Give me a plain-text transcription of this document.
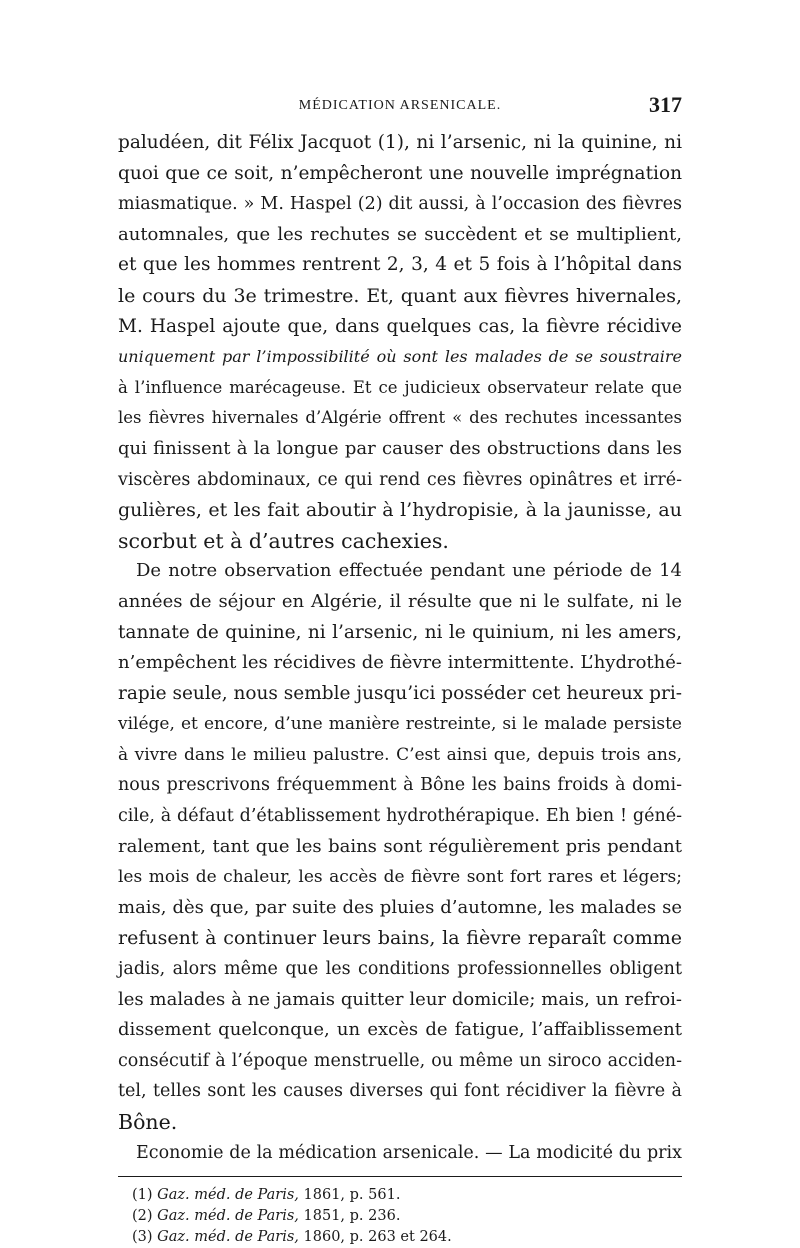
MÉDICATION ARSENICALE.	317
paludéen, dit Félix Jacquot (1), ni l’arsenic, ni la quinine, ni
quoi que ce soit, n’empêcheront une nouvelle imprégnation
miasmatique. » M. Haspel (2) dit aussi, à l’occasion des fièvres
automnales, que les rechutes se succèdent et se multiplient,
et que les hommes rentrent 2, 3, 4 et 5 fois à l’hôpital dans
le cours du 3e trimestre. Et, quant aux fièvres hivernales,
M. Haspel ajoute que, dans quelques cas, la fièvre récidive
uniquement par l’impossibilité où sont les malades de se soustraire
à l’influence marécageuse. Et ce judicieux observateur relate que
les fièvres hivernales d’Algérie offrent « des rechutes incessantes
qui finissent à la longue par causer des obstructions dans les
viscères abdominaux, ce qui rend ces fièvres opinâtres et irré-
gulières, et les fait aboutir à l’hydropisie, à la jaunisse, au
scorbut et à d’autres cachexies.
De notre observation effectuée pendant une période de 14
années de séjour en Algérie, il résulte que ni le sulfate, ni le
tannate de quinine, ni l’arsenic, ni le quinium, ni les amers,
n’empêchent les récidives de fièvre intermittente. L’hydrothé-
rapie seule, nous semble jusqu’ici posséder cet heureux pri-
vilége, et encore, d’une manière restreinte, si le malade persiste
à vivre dans le milieu palustre. C’est ainsi que, depuis trois ans,
nous prescrivons fréquemment à Bône les bains froids à domi-
cile, à défaut d’établissement hydrothérapique. Eh bien ! géné-
ralement, tant que les bains sont régulièrement pris pendant
les mois de chaleur, les accès de fièvre sont fort rares et légers;
mais, dès que, par suite des pluies d’automne, les malades se
refusent à continuer leurs bains, la fièvre reparaît comme
jadis, alors même que les conditions professionnelles obligent
les malades à ne jamais quitter leur domicile; mais, un refroi-
dissement quelconque, un excès de fatigue, l’affaiblissement
consécutif à l’époque menstruelle, ou même un siroco acciden-
tel, telles sont les causes diverses qui font récidiver la fièvre à
Bône.
Economie de la médication arsenicale. — La modicité du prix
(1) Gaz. méd. de Paris, 1861, p. 561.
(2) Gaz. méd. de Paris, 1851, p. 236.
(3) Gaz. méd. de Paris, 1860, p. 263 et 264.
